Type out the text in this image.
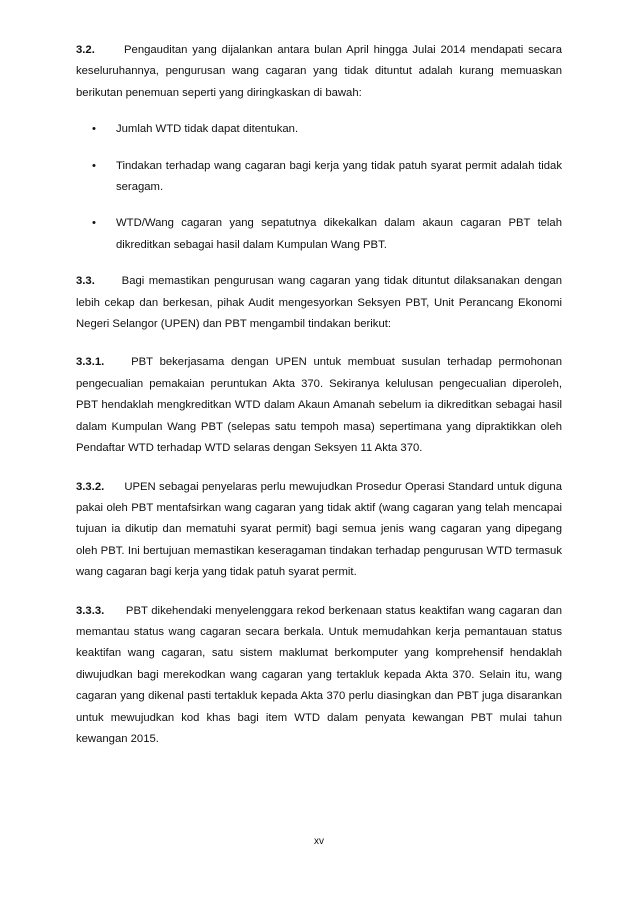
3.2.	Pengauditan yang dijalankan antara bulan April hingga Julai 2014 mendapati secara keseluruhannya, pengurusan wang cagaran yang tidak dituntut adalah kurang memuaskan berikutan penemuan seperti yang diringkaskan di bawah:

• Jumlah WTD tidak dapat ditentukan.
• Tindakan terhadap wang cagaran bagi kerja yang tidak patuh syarat permit adalah tidak seragam.
• WTD/Wang cagaran yang sepatutnya dikekalkan dalam akaun cagaran PBT telah dikreditkan sebagai hasil dalam Kumpulan Wang PBT.

3.3. Bagi memastikan pengurusan wang cagaran yang tidak dituntut dilaksanakan dengan lebih cekap dan berkesan, pihak Audit mengesyorkan Seksyen PBT, Unit Perancang Ekonomi Negeri Selangor (UPEN) dan PBT mengambil tindakan berikut:

3.3.1. PBT bekerjasama dengan UPEN untuk membuat susulan terhadap permohonan pengecualian pemakaian peruntukan Akta 370. Sekiranya kelulusan pengecualian diperoleh, PBT hendaklah mengkreditkan WTD dalam Akaun Amanah sebelum ia dikreditkan sebagai hasil dalam Kumpulan Wang PBT (selepas satu tempoh masa) sepertimana yang dipraktikkan oleh Pendaftar WTD terhadap WTD selaras dengan Seksyen 11 Akta 370.

3.3.2. UPEN sebagai penyelaras perlu mewujudkan Prosedur Operasi Standard untuk diguna pakai oleh PBT mentafsirkan wang cagaran yang tidak aktif (wang cagaran yang telah mencapai tujuan ia dikutip dan mematuhi syarat permit) bagi semua jenis wang cagaran yang dipegang oleh PBT. Ini bertujuan memastikan keseragaman tindakan terhadap pengurusan WTD termasuk wang cagaran bagi kerja yang tidak patuh syarat permit.

3.3.3. PBT dikehendaki menyelenggara rekod berkenaan status keaktifan wang cagaran dan memantau status wang cagaran secara berkala. Untuk memudahkan kerja pemantauan status keaktifan wang cagaran, satu sistem maklumat berkomputer yang komprehensif hendaklah diwujudkan bagi merekodkan wang cagaran yang tertakluk kepada Akta 370. Selain itu, wang cagaran yang dikenal pasti tertakluk kepada Akta 370 perlu diasingkan dan PBT juga disarankan untuk mewujudkan kod khas bagi item WTD dalam penyata kewangan PBT mulai tahun kewangan 2015.

xv
